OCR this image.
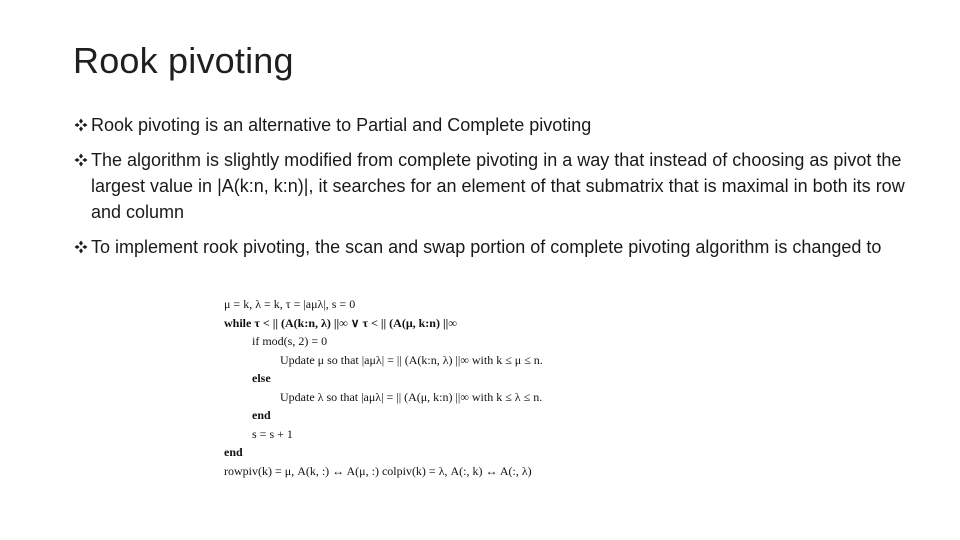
Rook pivoting
Rook pivoting is an alternative to Partial and Complete pivoting
The algorithm is slightly modified from complete pivoting in a way that instead of choosing as pivot the largest value in |A(k:n, k:n)|, it searches for an element of that submatrix that is maximal in both its row and column
To implement rook pivoting, the scan and swap portion of complete pivoting algorithm is changed to
μ = k, λ = k, τ = |aμλ|, s = 0
while τ < || (A(k:n, λ) ||∞ ∨ τ < || (A(μ, k:n) ||∞
if mod(s, 2) = 0
Update μ so that |aμλ| = || (A(k:n, λ) ||∞ with k ≤ μ ≤ n.
else
Update λ so that |aμλ| = || (A(μ, k:n) ||∞ with k ≤ λ ≤ n.
end
s = s + 1
end
rowpiv(k) = μ, A(k, :) ↔ A(μ, :) colpiv(k) = λ, A(:, k) ↔ A(:, λ)
